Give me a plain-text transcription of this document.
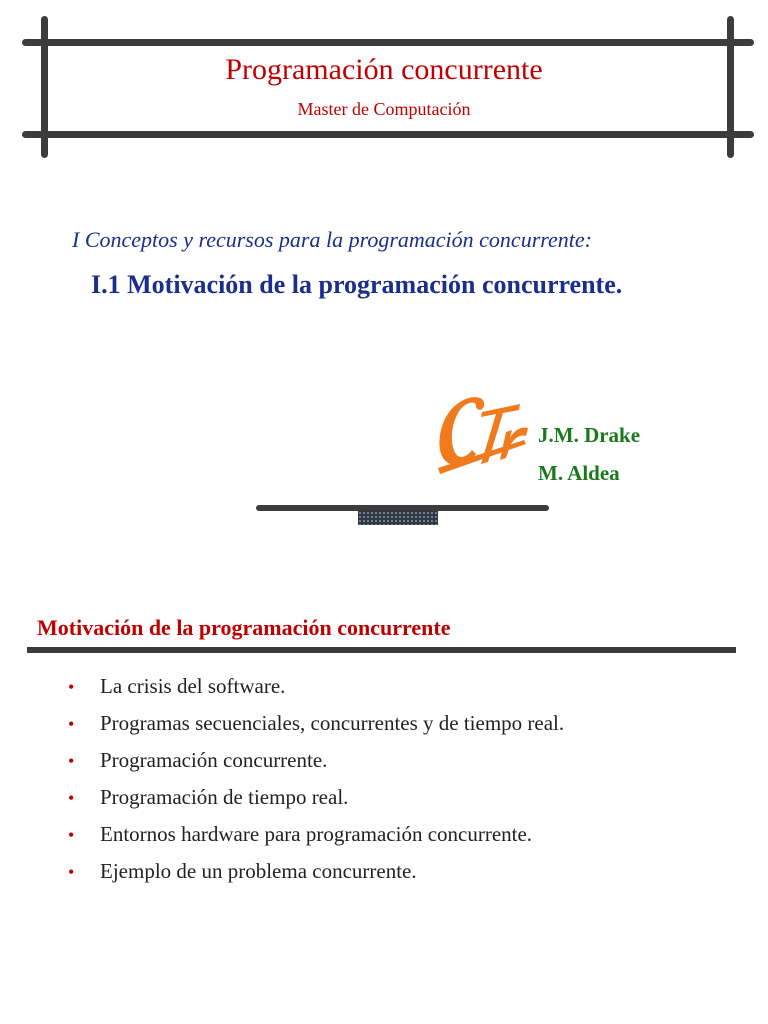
Programación concurrente
Master de Computación
I Conceptos y recursos para la programación concurrente:
I.1 Motivación de la programación concurrente.
J.M. Drake
M. Aldea
Motivación de la programación concurrente
•	La crisis del software.
•	Programas secuenciales, concurrentes y de tiempo real.
•	Programación concurrente.
•	Programación de tiempo real.
•	Entornos hardware para programación concurrente.
•	Ejemplo de un problema concurrente.
